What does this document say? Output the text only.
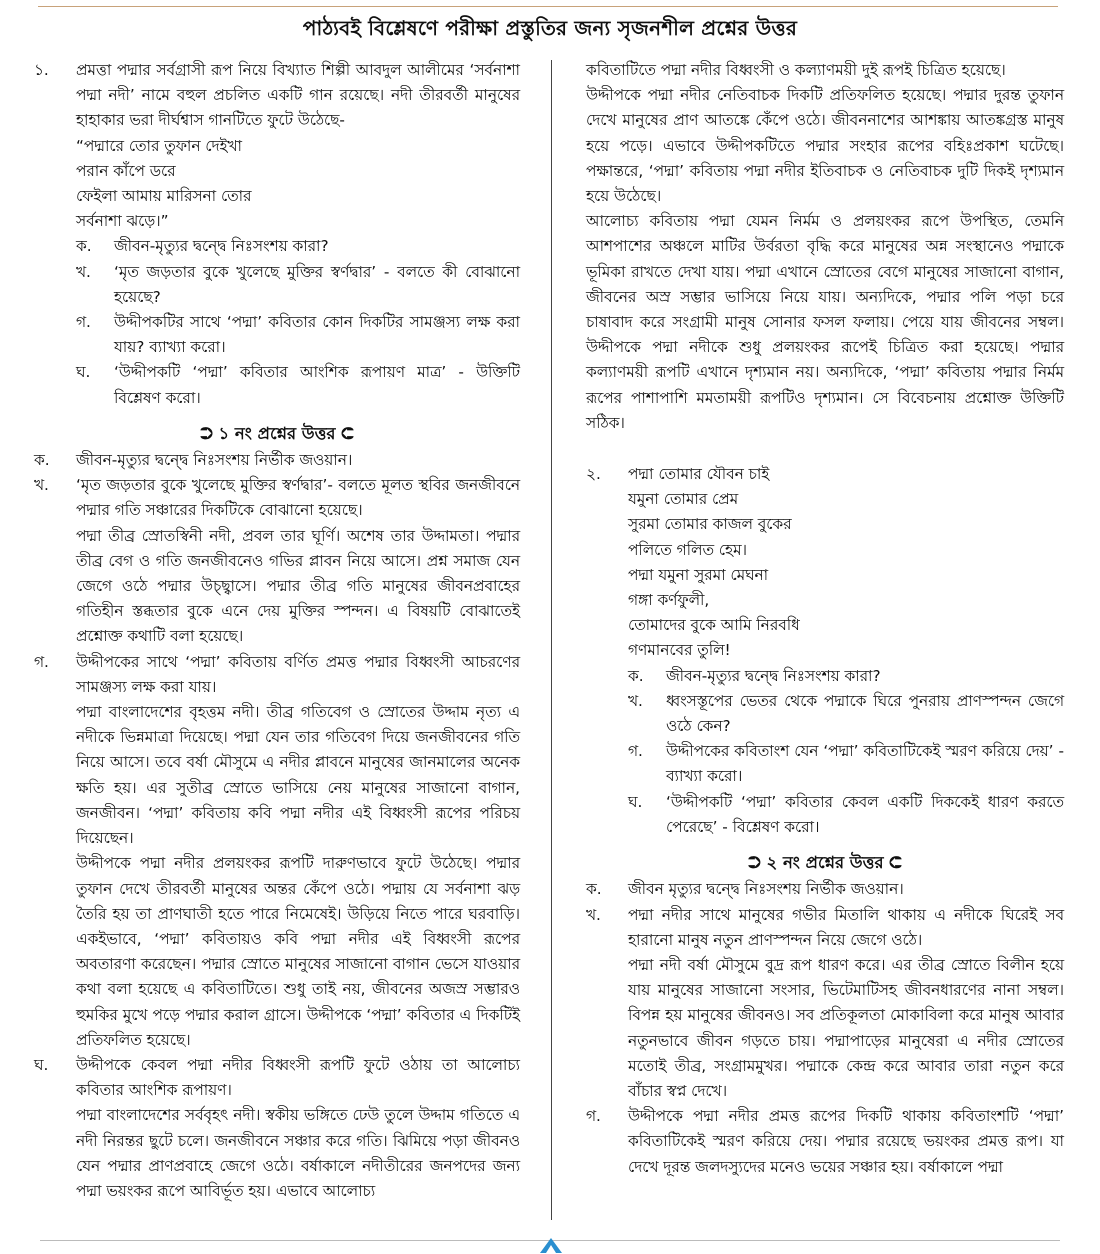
পাঠ্যবই বিশ্লেষণে পরীক্ষা প্রস্তুতির জন্য সৃজনশীল প্রশ্নের উত্তর
১.	প্রমত্তা পদ্মার সর্বগ্রাসী রূপ নিয়ে বিখ্যাত শিল্পী আবদুল আলীমের ‘সর্বনাশা পদ্মা নদী’ নামে বহুল প্রচলিত একটি গান রয়েছে। নদী তীরবর্তী মানুষের হাহাকার ভরা দীর্ঘশ্বাস গানটিতে ফুটে উঠেছে-

“পদ্মারে তোর তুফান দেইখা

পরান কাঁপে ডরে

ফেইলা আমায় মারিসনা তোর

সর্বনাশা ঝড়ে।”

ক.	জীবন-মৃত্যুর দ্বন্দ্বে নিঃসংশয় কারা?
খ.	‘মৃত জড়তার বুকে খুলেছে মুক্তির স্বর্ণদ্বার’ - বলতে কী বোঝানো হয়েছে?
গ.	উদ্দীপকটির সাথে ‘পদ্মা’ কবিতার কোন দিকটির সামঞ্জস্য লক্ষ করা যায়? ব্যাখ্যা করো।
ঘ.	‘উদ্দীপকটি ‘পদ্মা’ কবিতার আংশিক রূপায়ণ মাত্র’ - উক্তিটি বিশ্লেষণ করো।
⮊ ১ নং প্রশ্নের উত্তর ⮈
ক.	জীবন-মৃত্যুর দ্বন্দ্বে নিঃসংশয় নির্ভীক জওয়ান।
খ.	‘মৃত জড়তার বুকে খুলেছে মুক্তির স্বর্ণদ্বার’- বলতে মূলত স্থবির জনজীবনে পদ্মার গতি সঞ্চারের দিকটিকে বোঝানো হয়েছে।

পদ্মা তীব্র স্রোতস্বিনী নদী, প্রবল তার ঘূর্ণি। অশেষ তার উদ্দামতা। পদ্মার তীব্র বেগ ও গতি জনজীবনেও গভির প্লাবন নিয়ে আসে। প্রশ্ন সমাজ যেন জেগে ওঠে পদ্মার উচ্ছ্বাসে। পদ্মার তীব্র গতি মানুষের জীবনপ্রবাহের গতিহীন স্তব্ধতার বুকে এনে দেয় মুক্তির স্পন্দন। এ বিষয়টি বোঝাতেই প্রশ্নোক্ত কথাটি বলা হয়েছে।

গ.	উদ্দীপকের সাথে ‘পদ্মা’ কবিতায় বর্ণিত প্রমত্ত পদ্মার বিধ্বংসী আচরণের সামঞ্জস্য লক্ষ করা যায়।

পদ্মা বাংলাদেশের বৃহত্তম নদী। তীব্র গতিবেগ ও স্রোতের উদ্দাম নৃত্য এ নদীকে ভিন্নমাত্রা দিয়েছে। পদ্মা যেন তার গতিবেগ দিয়ে জনজীবনের গতি নিয়ে আসে। তবে বর্ষা মৌসুমে এ নদীর প্লাবনে মানুষের জানমালের অনেক ক্ষতি হয়। এর সুতীব্র স্রোতে ভাসিয়ে নেয় মানুষের সাজানো বাগান, জনজীবন। ‘পদ্মা’ কবিতায় কবি পদ্মা নদীর এই বিধ্বংসী রূপের পরিচয় দিয়েছেন।

উদ্দীপকে পদ্মা নদীর প্রলয়ংকর রূপটি দারুণভাবে ফুটে উঠেছে। পদ্মার তুফান দেখে তীরবর্তী মানুষের অন্তর কেঁপে ওঠে। পদ্মায় যে সর্বনাশা ঝড় তৈরি হয় তা প্রাণঘাতী হতে পারে নিমেষেই। উড়িয়ে নিতে পারে ঘরবাড়ি। একইভাবে, ‘পদ্মা’ কবিতায়ও কবি পদ্মা নদীর এই বিধ্বংসী রূপের অবতারণা করেছেন। পদ্মার স্রোতে মানুষের সাজানো বাগান ভেসে যাওয়ার কথা বলা হয়েছে এ কবিতাটিতে। শুধু তাই নয়, জীবনের অজস্র সম্ভারও হুমকির মুখে পড়ে পদ্মার করাল গ্রাসে। উদ্দীপকে ‘পদ্মা’ কবিতার এ দিকটিই প্রতিফলিত হয়েছে।

ঘ.	উদ্দীপকে কেবল পদ্মা নদীর বিধ্বংসী রূপটি ফুটে ওঠায় তা আলোচ্য কবিতার আংশিক রূপায়ণ।

পদ্মা বাংলাদেশের সর্ববৃহৎ নদী। স্বকীয় ভঙ্গিতে ঢেউ তুলে উদ্দাম গতিতে এ নদী নিরন্তর ছুটে চলে। জনজীবনে সঞ্চার করে গতি। ঝিমিয়ে পড়া জীবনও যেন পদ্মার প্রাণপ্রবাহে জেগে ওঠে। বর্ষাকালে নদীতীরের জনপদের জন্য পদ্মা ভয়ংকর রূপে আবির্ভূত হয়। এভাবে আলোচ্য

কবিতাটিতে পদ্মা নদীর বিধ্বংসী ও কল্যাণময়ী দুই রূপই চিত্রিত হয়েছে।

উদ্দীপকে পদ্মা নদীর নেতিবাচক দিকটি প্রতিফলিত হয়েছে। পদ্মার দুরন্ত তুফান দেখে মানুষের প্রাণ আতঙ্কে কেঁপে ওঠে। জীবননাশের আশঙ্কায় আতঙ্কগ্রস্ত মানুষ হয়ে পড়ে। এভাবে উদ্দীপকটিতে পদ্মার সংহার রূপের বহিঃপ্রকাশ ঘটেছে। পক্ষান্তরে, ‘পদ্মা’ কবিতায় পদ্মা নদীর ইতিবাচক ও নেতিবাচক দুটি দিকই দৃশ্যমান হয়ে উঠেছে।

আলোচ্য কবিতায় পদ্মা যেমন নির্মম ও প্রলয়ংকর রূপে উপস্থিত, তেমনি আশপাশের অঞ্চলে মাটির উর্বরতা বৃদ্ধি করে মানুষের অন্ন সংস্থানেও পদ্মাকে ভূমিকা রাখতে দেখা যায়। পদ্মা এখানে স্রোতের বেগে মানুষের সাজানো বাগান, জীবনের অস্র সম্ভার ভাসিয়ে নিয়ে যায়। অন্যদিকে, পদ্মার পলি পড়া চরে চাষাবাদ করে সংগ্রামী মানুষ সোনার ফসল ফলায়। পেয়ে যায় জীবনের সম্বল। উদ্দীপকে পদ্মা নদীকে শুধু প্রলয়ংকর রূপেই চিত্রিত করা হয়েছে। পদ্মার কল্যাণময়ী রূপটি এখানে দৃশ্যমান নয়। অন্যদিকে, ‘পদ্মা’ কবিতায় পদ্মার নির্মম রূপের পাশাপাশি মমতাময়ী রূপটিও দৃশ্যমান। সে বিবেচনায় প্রশ্নোক্ত উক্তিটি সঠিক।

২.	পদ্মা তোমার যৌবন চাই

যমুনা তোমার প্রেম

সুরমা তোমার কাজল বুকের

পলিতে গলিত হেম।

পদ্মা যমুনা সুরমা মেঘনা

গঙ্গা কর্ণফুলী,

তোমাদের বুকে আমি নিরবধি

গণমানবের তুলি!

ক.	জীবন-মৃত্যুর দ্বন্দ্বে নিঃসংশয় কারা?
খ.	ধ্বংসস্তূপের ভেতর থেকে পদ্মাকে ঘিরে পুনরায় প্রাণস্পন্দন জেগে ওঠে কেন?
গ.	উদ্দীপকের কবিতাংশ যেন ‘পদ্মা’ কবিতাটিকেই স্মরণ করিয়ে দেয়’ - ব্যাখ্যা করো।
ঘ.	‘উদ্দীপকটি ‘পদ্মা’ কবিতার কেবল একটি দিককেই ধারণ করতে পেরেছে’ - বিশ্লেষণ করো।
⮊ ২ নং প্রশ্নের উত্তর ⮈
ক.	জীবন মৃত্যুর দ্বন্দ্বে নিঃসংশয় নির্ভীক জওয়ান।
খ.	পদ্মা নদীর সাথে মানুষের গভীর মিতালি থাকায় এ নদীকে ঘিরেই সব হারানো মানুষ নতুন প্রাণস্পন্দন নিয়ে জেগে ওঠে।

পদ্মা নদী বর্ষা মৌসুমে বুদ্র রূপ ধারণ করে। এর তীব্র স্রোতে বিলীন হয়ে যায় মানুষের সাজানো সংসার, ভিটেমাটিসহ জীবনধারণের নানা সম্বল। বিপন্ন হয় মানুষের জীবনও। সব প্রতিকূলতা মোকাবিলা করে মানুষ আবার নতুনভাবে জীবন গড়তে চায়। পদ্মাপাড়ের মানুষেরা এ নদীর স্রোতের মতোই তীব্র, সংগ্রামমুখর। পদ্মাকে কেন্দ্র করে আবার তারা নতুন করে বাঁচার স্বপ্ন দেখে।

গ.	উদ্দীপকে পদ্মা নদীর প্রমত্ত রূপের দিকটি থাকায় কবিতাংশটি ‘পদ্মা’ কবিতাটিকেই স্মরণ করিয়ে দেয়। পদ্মার রয়েছে ভয়ংকর প্রমত্ত রূপ। যা দেখে দূরন্ত জলদস্যুদের মনেও ভয়ের সঞ্চার হয়। বর্ষাকালে পদ্মা
